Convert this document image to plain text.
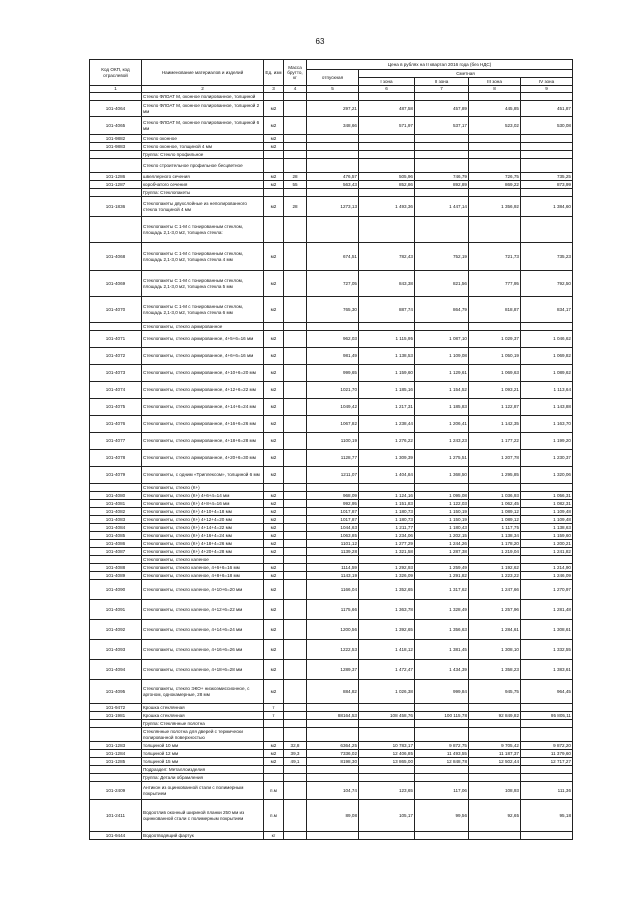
63
Код ОКП, код отраслевой	Наименование материалов и изделий	Ед. изм	Масса брутто, кг	Цена в рублях на II квартал 2016 года (без НДС)				
				отпускная	Сметная			
					I зона	II зона	III зона	IV зона
1	2	3	4	5	6	7	8	9
	Стекло ФЛОАТ М, оконное полированное, толщиной							
101-4064	Стекло ФЛОАТ М, оконное полированное, толщиной 2 мм	м2		297,21	487,58	457,89	445,85	451,87
101-4065	Стекло ФЛОАТ М, оконное полированное, толщиной 6 мм	м2		348,66	571,97	537,17	523,02	530,08
101-9882	Стекло оконное	м2						
101-9883	Стекло оконное, толщиной 4 мм	м2						
	Группа: Стекло профильное							
	Стекло строительное профильное бесцветное							
101-1286	швеллерного сечения	м2	28	476,57	505,96	746,79	726,75	735,25
101-1287	коробчатого сечения	м2	55	563,43	852,86	892,89	869,22	873,99
	Группа: Стеклопакеты							
101-1836	Стеклопакеты двухслойные из неполированного стекла толщиной 4 мм	м2	28	1273,13	1 493,36	1 447,14	1 356,92	1 384,60
	Стеклопакеты С 1-М с тонированным стеклом, площадь 2,1-3,0 м2, толщина стекла:							
101-4068	Стеклопакеты С 1-М с тонированным стеклом, площадь 2,1-3,0 м2, толщина стекла 4 мм	м2		674,51	782,43	752,19	721,73	735,23
101-4069	Стеклопакеты С 1-М с тонированным стеклом, площадь 2,1-3,0 м2, толщина стекла 5 мм	м2		727,05	843,38	821,56	777,95	792,50
101-4070	Стеклопакеты С 1-М с тонированным стеклом, площадь 2,1-3,0 м2, толщина стекла 6 мм	м2		765,30	887,74	864,79	818,87	834,17
	Стеклопакеты, стекло армированное							
101-4071	Стеклопакеты, стекло армированное, 4+5+6=16 мм	м2		962,03	1 115,95	1 087,10	1 029,37	1 046,62
101-4072	Стеклопакеты, стекло армированное, 4+6+6=16 мм	м2		981,49	1 138,53	1 109,08	1 050,19	1 069,82
101-4073	Стеклопакеты, стекло армированное, 4+10+6=20 мм	м2		999,65	1 159,60	1 129,61	1 069,63	1 089,62
101-4074	Стеклопакеты, стекло армированное, 4+12+6=22 мм	м2		1021,70	1 185,16	1 154,52	1 093,21	1 113,64
101-4075	Стеклопакеты, стекло армированное, 4+14+6=24 мм	м2		1049,42	1 217,31	1 185,83	1 122,87	1 143,88
101-4076	Стеклопакеты, стекло армированное, 4+16+6=26 мм	м2		1067,82	1 238,44	1 206,41	1 142,35	1 163,70
101-4077	Стеклопакеты, стекло армированное, 4+18+6=28 мм	м2		1100,19	1 276,22	1 243,23	1 177,22	1 199,20
101-4078	Стеклопакеты, стекло армированное, 4+20+6=30 мм	м2		1128,77	1 309,39	1 275,51	1 207,78	1 230,37
101-4079	Стеклопакеты, с одним «Триплексом», толщиной 6 мм	м2		1211,07	1 404,84	1 368,50	1 295,85	1 320,06
	Стеклопакеты, стекло (К+)							
101-4080	Стеклопакеты, стекло (К+) 4+6+4=14 мм	м2		968,09	1 124,16	1 095,08	1 036,93	1 056,31
101-4081	Стеклопакеты, стекло (К+) 4+8+4=16 мм	м2		992,95	1 151,83	1 122,03	1 062,45	1 082,31
101-4082	Стеклопакеты, стекло (К+) 4+10+4=18 мм	м2		1017,87	1 180,73	1 150,19	1 089,12	1 109,48
101-4083	Стеклопакеты, стекло (К+) 4+12+4=20 мм	м2		1017,87	1 180,73	1 150,19	1 089,12	1 109,48
101-4084	Стеклопакеты, стекло (К+) 4+14+4=22 мм	м2		1044,63	1 211,77	1 180,43	1 117,75	1 138,63
101-4085	Стеклопакеты, стекло (К+) 4+16+4=24 мм	м2		1063,85	1 234,06	1 202,15	1 138,34	1 159,60
101-4086	Стеклопакеты, стекло (К+) 4+18+4=26 мм	м2		1101,12	1 277,29	1 244,26	1 178,20	1 200,21
101-4087	Стеклопакеты, стекло (К+) 4+20+4=28 мм	м2		1139,28	1 321,58	1 287,38	1 219,04	1 241,82
	Стеклопакеты, стекло каленое							
101-4088	Стеклопакеты, стекло каленое, 4+6+6=16 мм	м2		1114,59	1 292,93	1 259,49	1 192,62	1 214,90
101-4089	Стеклопакеты, стекло каленое, 4+8+6=18 мм	м2		1143,19	1 326,09	1 291,82	1 223,22	1 246,09
101-4090	Стеклопакеты, стекло каленое, 4+10+6=20 мм	м2		1166,04	1 352,65	1 317,62	1 247,66	1 270,97
101-4091	Стеклопакеты, стекло каленое, 4+12+6=22 мм	м2		1175,66	1 363,78	1 328,49	1 257,96	1 281,48
101-4092	Стеклопакеты, стекло каленое, 4+14+6=24 мм	м2		1200,56	1 392,65	1 356,63	1 284,61	1 308,61
101-4093	Стеклопакеты, стекло каленое, 4+16+6=26 мм	м2		1222,53	1 418,12	1 381,45	1 308,10	1 332,55
101-4094	Стеклопакеты, стекло каленое, 4+18+6=28 мм	м2		1289,37	1 472,47	1 434,39	1 358,23	1 383,61
101-4095	Стеклопакеты, стекло ЭКО+ низкоэмиссионное, с аргоном, однокамерные, 28 мм	м2		884,82	1 026,38	999,84	945,75	964,45
101-9472	Крошка стеклянная	т						
101-1981	Крошка стеклянная	т		88164,53	108 458,76	100 115,78	92 849,82	95 805,11
	Группа: Стеклянные полотна							
	Стеклянные полотна для дверей с термически полированной поверхностью							
101-1283	толщиной 10 мм	м2	32,8	6364,25	10 783,17	9 872,75	9 705,42	9 872,20
101-1284	толщиной 12 мм	м2	39,3	7336,02	12 406,85	11 493,55	11 187,37	11 379,60
101-1285	толщиной 15 мм	м2	49,1	8198,30	13 865,00	12 848,78	12 502,44	12 717,27
	Подраздел: Металлоизделия							
	Группа: Детали обрамления							
101-2409	Антикон из оцинкованной стали с полимерным покрытием	п.м		104,74	123,65	117,06	108,93	111,36
101-2411	Водоотлив оконный шириной планки 250 мм из оцинкованной стали с полимерным покрытием	п.м		89,08	105,17	99,56	92,65	95,18
101-9444	Водоотводящий фартук	кг						
